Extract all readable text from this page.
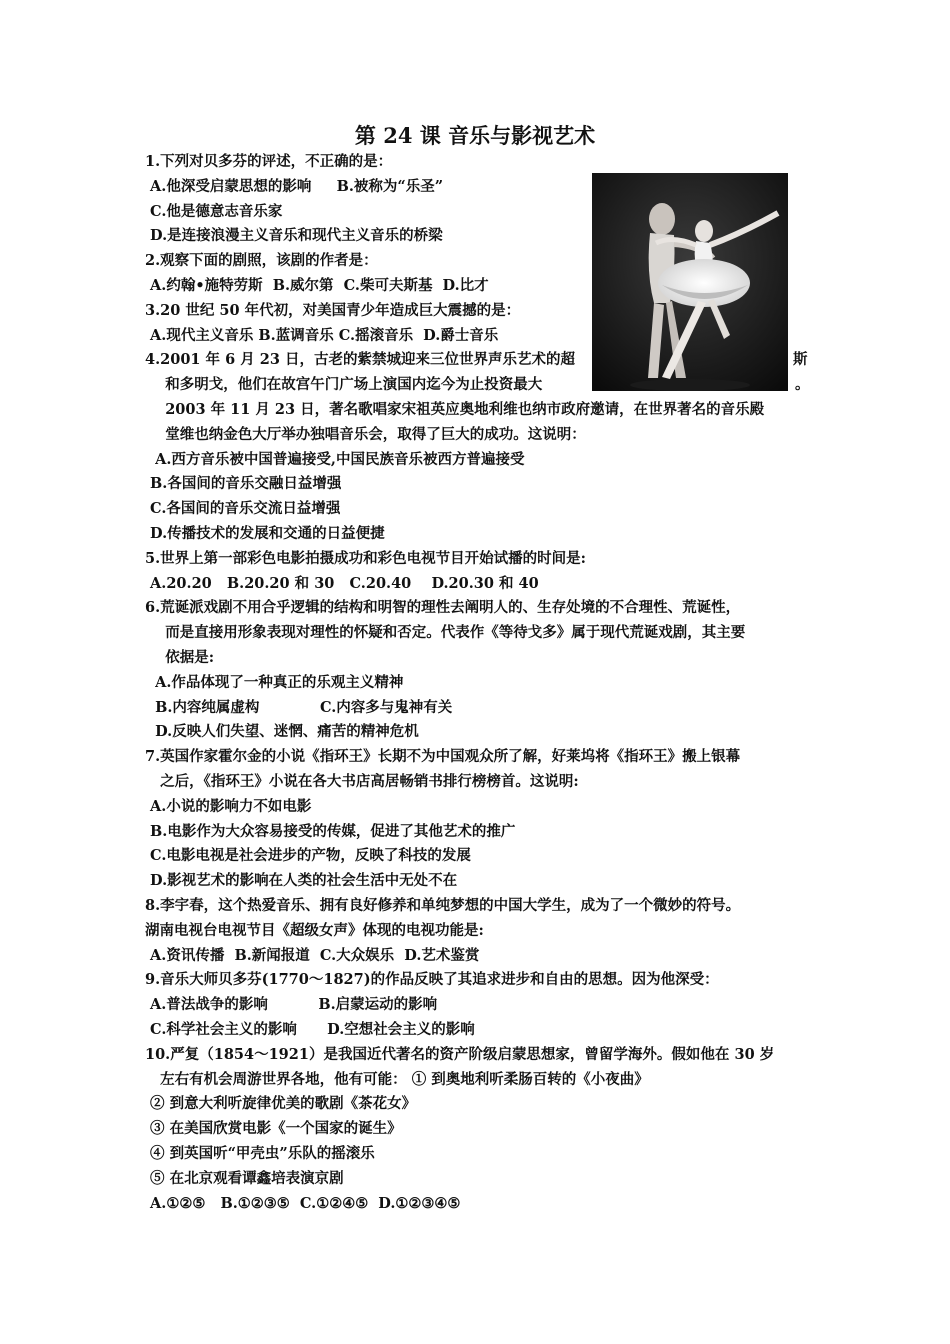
第 24 课 音乐与影视艺术
1.下列对贝多芬的评述，不正确的是：
A.他深受启蒙思想的影响     B.被称为“乐圣”
C.他是德意志音乐家
D.是连接浪漫主义音乐和现代主义音乐的桥梁
2.观察下面的剧照，该剧的作者是：
A.约翰•施特劳斯  B.威尔第  C.柴可夫斯基  D.比才
3.20 世纪 50 年代初，对美国青少年造成巨大震撼的是：
A.现代主义音乐 B.蓝调音乐 C.摇滚音乐  D.爵士音乐
4.2001 年 6 月 23 日，古老的紫禁城迎来三位世界声乐艺术的超	斯
和多明戈，他们在故宫午门广场上演国内迄今为止投资最大	。
2003 年 11 月 23 日，著名歌唱家宋祖英应奥地利维也纳市政府邀请，在世界著名的音乐殿
堂维也纳金色大厅举办独唱音乐会，取得了巨大的成功。这说明：
A.西方音乐被中国普遍接受,中国民族音乐被西方普遍接受
B.各国间的音乐交融日益增强
C.各国间的音乐交流日益增强
D.传播技术的发展和交通的日益便捷
5.世界上第一部彩色电影拍摄成功和彩色电视节目开始试播的时间是:
A.20.20   B.20.20 和 30   C.20.40    D.20.30 和 40
6.荒诞派戏剧不用合乎逻辑的结构和明智的理性去阐明人的、生存处境的不合理性、荒诞性，
而是直接用形象表现对理性的怀疑和否定。代表作《等待戈多》属于现代荒诞戏剧，其主要
依据是:
A.作品体现了一种真正的乐观主义精神
B.内容纯属虚构            C.内容多与鬼神有关
D.反映人们失望、迷惘、痛苦的精神危机
7.英国作家霍尔金的小说《指环王》长期不为中国观众所了解，好莱坞将《指环王》搬上银幕
之后，《指环王》小说在各大书店高居畅销书排行榜榜首。这说明:
A.小说的影响力不如电影
B.电影作为大众容易接受的传媒，促进了其他艺术的推广
C.电影电视是社会进步的产物，反映了科技的发展
D.影视艺术的影响在人类的社会生活中无处不在
8.李宇春，这个热爱音乐、拥有良好修养和单纯梦想的中国大学生，成为了一个微妙的符号。
湖南电视台电视节目《超级女声》体现的电视功能是:
A.资讯传播  B.新闻报道  C.大众娱乐  D.艺术鉴赏
9.音乐大师贝多芬(1770～1827)的作品反映了其追求进步和自由的思想。因为他深受：
A.普法战争的影响          B.启蒙运动的影响
C.科学社会主义的影响      D.空想社会主义的影响
10.严复（1854～1921）是我国近代著名的资产阶级启蒙思想家，曾留学海外。假如他在 30 岁
左右有机会周游世界各地，他有可能： ① 到奥地利听柔肠百转的《小夜曲》
② 到意大利听旋律优美的歌剧《茶花女》
③ 在美国欣赏电影《一个国家的诞生》
④ 到英国听“甲壳虫”乐队的摇滚乐
⑤ 在北京观看谭鑫培表演京剧
A.①②⑤   B.①②③⑤  C.①②④⑤  D.①②③④⑤
